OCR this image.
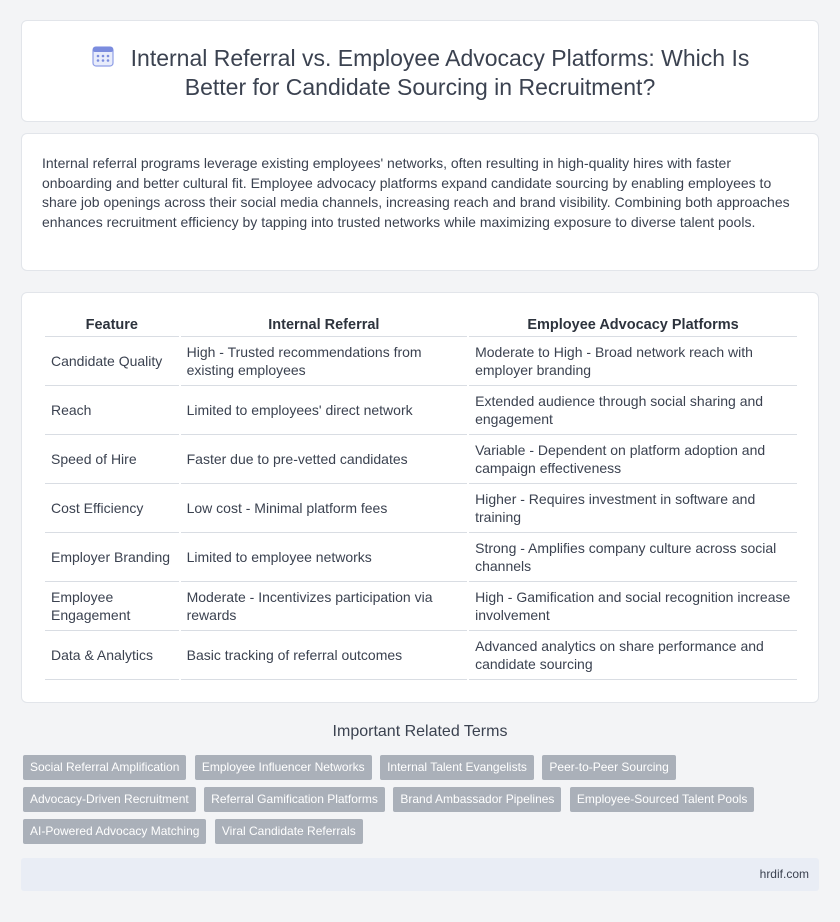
Internal Referral vs. Employee Advocacy Platforms: Which Is Better for Candidate Sourcing in Recruitment?

Internal referral programs leverage existing employees' networks, often resulting in high-quality hires with faster onboarding and better cultural fit. Employee advocacy platforms expand candidate sourcing by enabling employees to share job openings across their social media channels, increasing reach and brand visibility. Combining both approaches enhances recruitment efficiency by tapping into trusted networks while maximizing exposure to diverse talent pools.

Feature	Internal Referral	Employee Advocacy Platforms
Candidate Quality	High - Trusted recommendations from existing employees	Moderate to High - Broad network reach with employer branding
Reach	Limited to employees' direct network	Extended audience through social sharing and engagement
Speed of Hire	Faster due to pre-vetted candidates	Variable - Dependent on platform adoption and campaign effectiveness
Cost Efficiency	Low cost - Minimal platform fees	Higher - Requires investment in software and training
Employer Branding	Limited to employee networks	Strong - Amplifies company culture across social channels
Employee Engagement	Moderate - Incentivizes participation via rewards	High - Gamification and social recognition increase involvement
Data & Analytics	Basic tracking of referral outcomes	Advanced analytics on share performance and candidate sourcing
Important Related Terms
Social Referral Amplification Employee Influencer Networks Internal Talent Evangelists Peer-to-Peer Sourcing Advocacy-Driven Recruitment Referral Gamification Platforms Brand Ambassador Pipelines Employee-Sourced Talent Pools AI-Powered Advocacy Matching Viral Candidate Referrals
hrdif.com
